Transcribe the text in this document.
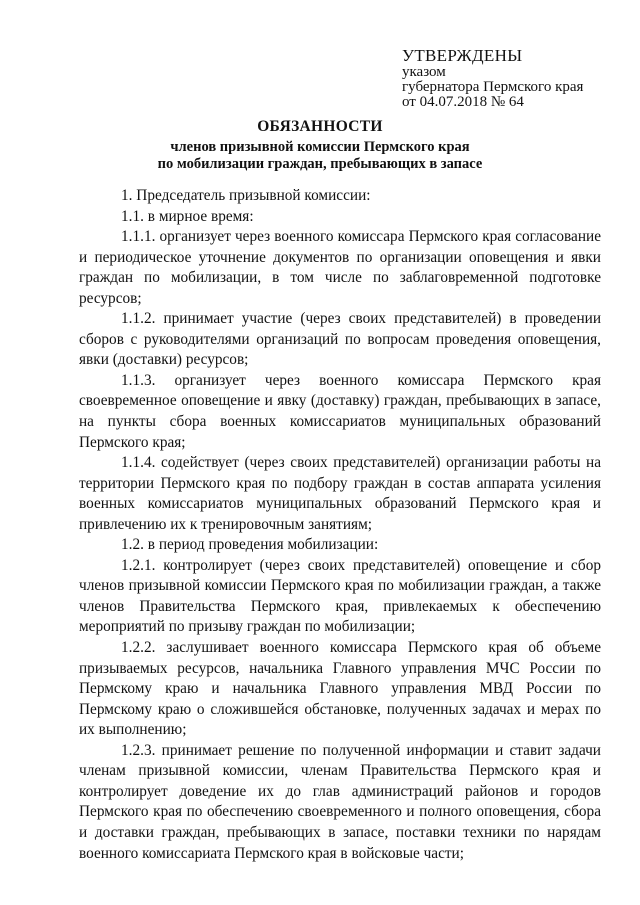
УТВЕРЖДЕНЫ
указом
губернатора Пермского края
от 04.07.2018 № 64
ОБЯЗАННОСТИ
членов призывной комиссии Пермского края
по мобилизации граждан, пребывающих в запасе

1. Председатель призывной комиссии:

1.1. в мирное время:

1.1.1. организует через военного комиссара Пермского края согласование и периодическое уточнение документов по организации оповещения и явки граждан по мобилизации, в том числе по заблаговременной подготовке ресурсов;

1.1.2. принимает участие (через своих представителей) в проведении сборов с руководителями организаций по вопросам проведения оповещения, явки (доставки) ресурсов;

1.1.3. организует через военного комиссара Пермского края своевременное оповещение и явку (доставку) граждан, пребывающих в запасе, на пункты сбора военных комиссариатов муниципальных образований Пермского края;

1.1.4. содействует (через своих представителей) организации работы на территории Пермского края по подбору граждан в состав аппарата усиления военных комиссариатов муниципальных образований Пермского края и привлечению их к тренировочным занятиям;

1.2. в период проведения мобилизации:

1.2.1. контролирует (через своих представителей) оповещение и сбор членов призывной комиссии Пермского края по мобилизации граждан, а также членов Правительства Пермского края, привлекаемых к обеспечению мероприятий по призыву граждан по мобилизации;

1.2.2. заслушивает военного комиссара Пермского края об объеме призываемых ресурсов, начальника Главного управления МЧС России по Пермскому краю и начальника Главного управления МВД России по Пермскому краю о сложившейся обстановке, полученных задачах и мерах по их выполнению;

1.2.3. принимает решение по полученной информации и ставит задачи членам призывной комиссии, членам Правительства Пермского края и контролирует доведение их до глав администраций районов и городов Пермского края по обеспечению своевременного и полного оповещения, сбора и доставки граждан, пребывающих в запасе, поставки техники по нарядам военного комиссариата Пермского края в войсковые части;
